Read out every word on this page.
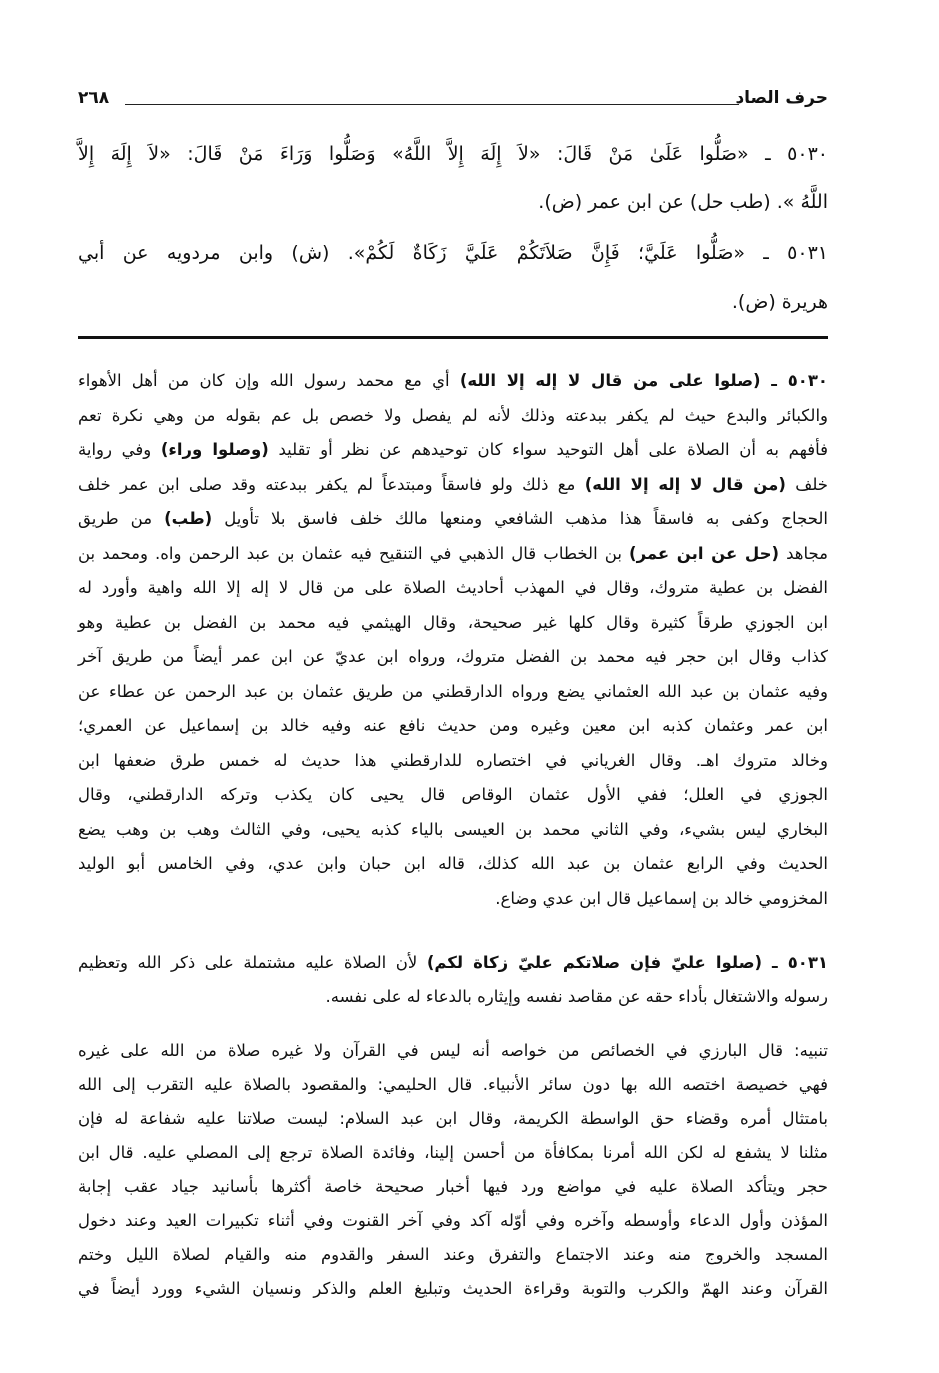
حرف الصاد
٢٦٨
٥٠٣٠ ـ «صَلُّوا عَلَىٰ مَنْ قَالَ: «لاَ إِلَهَ إِلاَّ اللَّهُ» وَصَلُّوا وَرَاءَ مَنْ قَالَ: «لاَ إِلَهَ إِلاَّ
اللَّهُ ». (طب حل) عن ابن عمر (ض).
٥٠٣١ ـ «صَلُّوا عَلَيَّ؛ فَإِنَّ صَلاَتَكُمْ عَلَيَّ زَكَاةٌ لَكُمْ». (ش) وابن مردويه عن أبي
هريرة (ض).
٥٠٣٠ ـ (صلوا على من قال لا إله إلا الله) أي مع محمد رسول الله وإن كان من أهل الأهواء
والكبائر والبدع حيث لم يكفر ببدعته وذلك لأنه لم يفصل ولا خصص بل عم بقوله من وهي نكرة تعم
فأفهم به أن الصلاة على أهل التوحيد سواء كان توحيدهم عن نظر أو تقليد (وصلوا وراء) وفي رواية
خلف (من قال لا إله إلا الله) مع ذلك ولو فاسقاً ومبتدعاً لم يكفر ببدعته وقد صلى ابن عمر خلف
الحجاج وكفى به فاسقاً هذا مذهب الشافعي ومنعها مالك خلف فاسق بلا تأويل (طب) من طريق
مجاهد (حل عن ابن عمر) بن الخطاب قال الذهبي في التنقيح فيه عثمان بن عبد الرحمن واه. ومحمد بن
الفضل بن عطية متروك، وقال في المهذب أحاديث الصلاة على من قال لا إله إلا الله واهية وأورد له
ابن الجوزي طرقاً كثيرة وقال كلها غير صحيحة، وقال الهيثمي فيه محمد بن الفضل بن عطية وهو
كذاب وقال ابن حجر فيه محمد بن الفضل متروك، ورواه ابن عديّ عن ابن عمر أيضاً من طريق آخر
وفيه عثمان بن عبد الله العثماني يضع ورواه الدارقطني من طريق عثمان بن عبد الرحمن عن عطاء عن
ابن عمر وعثمان كذبه ابن معين وغيره ومن حديث نافع عنه وفيه خالد بن إسماعيل عن العمري؛
وخالد متروك اهـ. وقال الغرياني في اختصاره للدارقطني هذا حديث له خمس طرق ضعفها ابن
الجوزي في العلل؛ ففي الأول عثمان الوقاص قال يحيى كان يكذب وتركه الدارقطني، وقال
البخاري ليس بشيء، وفي الثاني محمد بن العيسى بالياء كذبه يحيى، وفي الثالث وهب بن وهب يضع
الحديث وفي الرابع عثمان بن عبد الله كذلك، قاله ابن حبان وابن عدي، وفي الخامس أبو الوليد
المخزومي خالد بن إسماعيل قال ابن عدي وضاع.
٥٠٣١ ـ (صلوا عليّ فإن صلاتكم عليّ زكاة لكم) لأن الصلاة عليه مشتملة على ذكر الله وتعظيم
رسوله والاشتغال بأداء حقه عن مقاصد نفسه وإيثاره بالدعاء له على نفسه.
تنبيه: قال البارزي في الخصائص من خواصه أنه ليس في القرآن ولا غيره صلاة من الله على غيره
فهي خصيصة اختصه الله بها دون سائر الأنبياء. قال الحليمي: والمقصود بالصلاة عليه التقرب إلى الله
بامتثال أمره وقضاء حق الواسطة الكريمة، وقال ابن عبد السلام: ليست صلاتنا عليه شفاعة له فإن
مثلنا لا يشفع له لكن الله أمرنا بمكافأة من أحسن إلينا، وفائدة الصلاة ترجع إلى المصلي عليه. قال ابن
حجر ويتأكد الصلاة عليه في مواضع ورد فيها أخبار صحيحة خاصة أكثرها بأسانيد جياد عقب إجابة
المؤذن وأول الدعاء وأوسطه وآخره وفي أوّله آكد وفي آخر القنوت وفي أثناء تكبيرات العيد وعند دخول
المسجد والخروج منه وعند الاجتماع والتفرق وعند السفر والقدوم منه والقيام لصلاة الليل وختم
القرآن وعند الهمّ والكرب والتوبة وقراءة الحديث وتبليغ العلم والذكر ونسيان الشيء وورد أيضاً في
